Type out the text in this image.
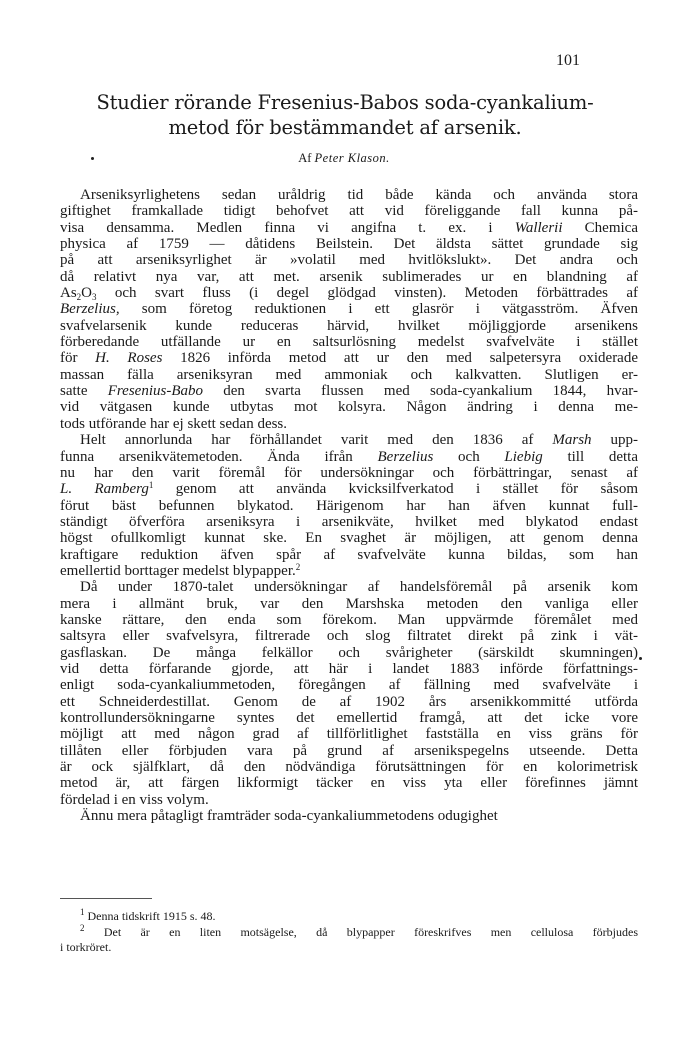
101
Studier rörande Fresenius-Babos soda-cyankalium-
metod för bestämmandet af arsenik.
Af Peter Klason.
Arseniksyrlighetens sedan uråldrig tid både kända och använda stora
giftighet framkallade tidigt behofvet att vid föreliggande fall kunna på-
visa densamma. Medlen finna vi angifna t. ex. i Wallerii Chemica
physica af 1759 — dåtidens Beilstein. Det äldsta sättet grundade sig
på att arseniksyrlighet är »volatil med hvitlökslukt». Det andra och
då relativt nya var, att met. arsenik sublimerades ur en blandning af
$As_2O_3$ och svart fluss (i degel glödgad vinsten). Metoden förbättrades af
Berzelius, som företog reduktionen i ett glasrör i vätgasström. Äfven
svafvelarsenik kunde reduceras härvid, hvilket möjliggjorde arsenikens
förberedande utfällande ur en saltsurlösning medelst svafvelväte i stället
för H. Roses 1826 införda metod att ur den med salpetersyra oxiderade
massan fälla arseniksyran med ammoniak och kalkvatten. Slutligen er-
satte Fresenius-Babo den svarta flussen med soda-cyankalium 1844, hvar-
vid vätgasen kunde utbytas mot kolsyra. Någon ändring i denna me-
tods utförande har ej skett sedan dess.
Helt annorlunda har förhållandet varit med den 1836 af Marsh upp-
funna arsenikvätemetoden. Ända ifrån Berzelius och Liebig till detta
nu har den varit föremål för undersökningar och förbättringar, senast af
L. Ramberg$^1$ genom att använda kvicksilfverkatod i stället för såsom
förut bäst befunnen blykatod. Härigenom har han äfven kunnat full-
ständigt öfverföra arseniksyra i arsenikväte, hvilket med blykatod endast
högst ofullkomligt kunnat ske. En svaghet är möjligen, att genom denna
kraftigare reduktion äfven spår af svafvelväte kunna bildas, som han
emellertid borttager medelst blypapper.$^2$
Då under 1870-talet undersökningar af handelsföremål på arsenik kom
mera i allmänt bruk, var den Marshska metoden den vanliga eller
kanske rättare, den enda som förekom. Man uppvärmde föremålet med
saltsyra eller svafvelsyra, filtrerade och slog filtratet direkt på zink i vät-
gasflaskan. De många felkällor och svårigheter (särskildt skumningen)
vid detta förfarande gjorde, att här i landet 1883 införde författnings-
enligt soda-cyankaliummetoden, föregången af fällning med svafvelväte i
ett Schneiderdestillat. Genom de af 1902 års arsenikkommitté utförda
kontrollundersökningarne syntes det emellertid framgå, att det icke vore
möjligt att med någon grad af tillförlitlighet fastställa en viss gräns för
tillåten eller förbjuden vara på grund af arsenikspegelns utseende. Detta
är ock själfklart, då den nödvändiga förutsättningen för en kolorimetrisk
metod är, att färgen likformigt täcker en viss yta eller förefinnes jämnt
fördelad i en viss volym.
Ännu mera påtagligt framträder soda-cyankaliummetodens odugighet
$^1$ Denna tidskrift 1915 s. 48.
$^2$ Det är en liten motsägelse, då blypapper föreskrifves men cellulosa förbjudes
i torkröret.
